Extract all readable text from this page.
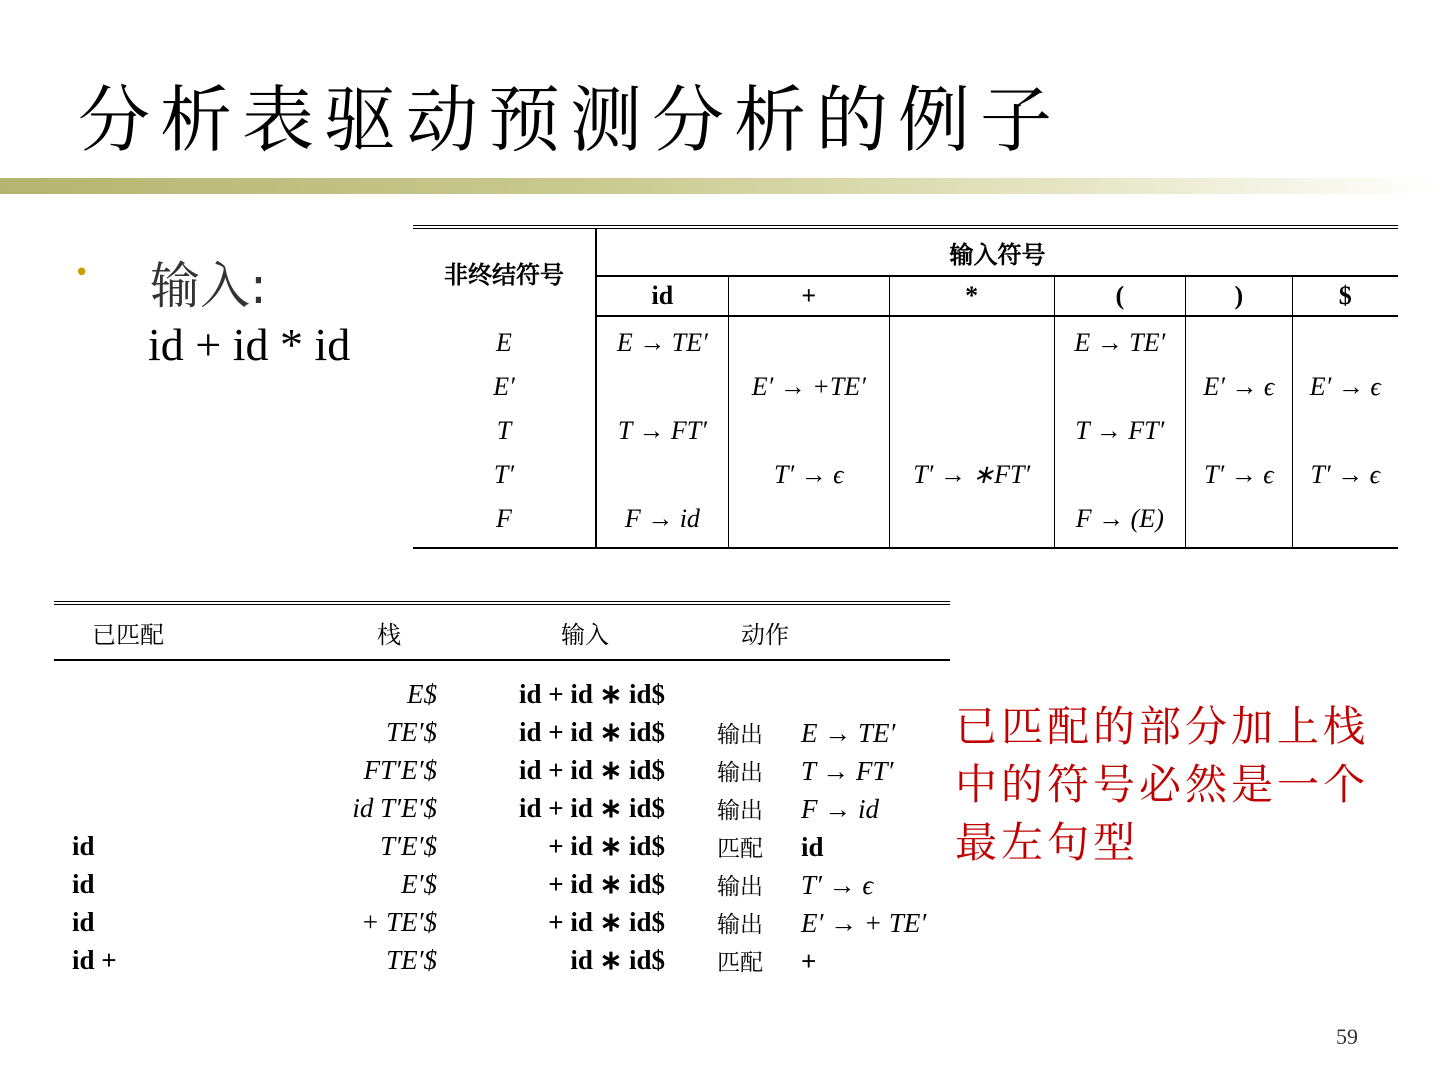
分析表驱动预测分析的例子
• 输入:
id + id * id
非终结符号	输入符号					
	id	+	*	(	)	$
E	E → TE′			E → TE′		
E′		E′ → +TE′			E′ → ϵ	E′ → ϵ
T	T → FT′			T → FT′		
T′		T′ → ϵ	T′ → ∗FT′		T′ → ϵ	T′ → ϵ
F	F → id			F → (E)		
已匹配	栈	输入	动作
	E$	id + id ∗ id$	
	TE′$	id + id ∗ id$	输出 E → TE′
	FT′E′$	id + id ∗ id$	输出 T → FT′
	id T′E′$	id + id ∗ id$	输出 F → id
id	T′E′$	+ id ∗ id$	匹配 id
id	E′$	+ id ∗ id$	输出 T′ → ϵ
id	+ TE′$	+ id ∗ id$	输出 E′ → + TE′
id +	TE′$	id ∗ id$	匹配 +
已匹配的部分加上栈中的符号必然是一个最左句型
59
